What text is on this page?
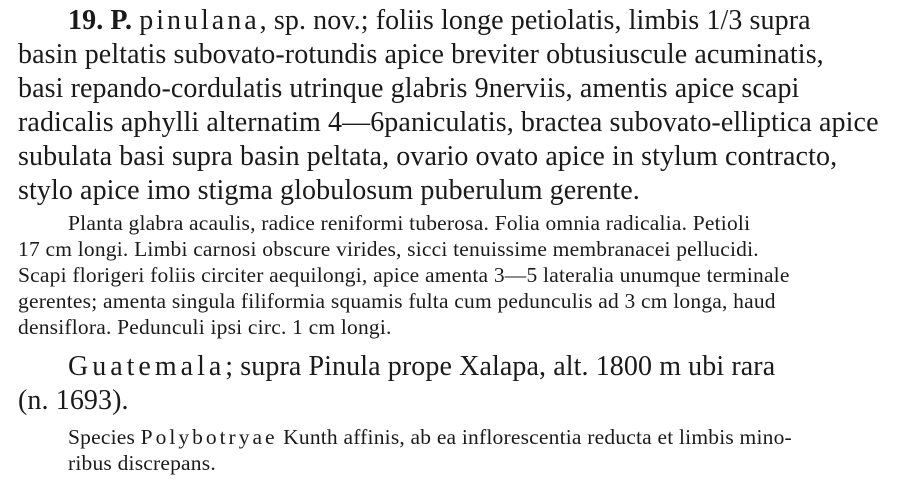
19. P. pinulana, sp. nov.; foliis longe petiolatis, limbis 1/3 supra
basin peltatis subovato-rotundis apice breviter obtusiuscule acuminatis,
basi repando-cordulatis utrinque glabris 9nerviis, amentis apice scapi
radicalis aphylli alternatim 4—6paniculatis, bractea subovato-elliptica apice
subulata basi supra basin peltata, ovario ovato apice in stylum contracto,
stylo apice imo stigma globulosum puberulum gerente.
Planta glabra acaulis, radice reniformi tuberosa. Folia omnia radicalia. Petioli
17 cm longi. Limbi carnosi obscure virides, sicci tenuissime membranacei pellucidi.
Scapi florigeri foliis circiter aequilongi, apice amenta 3—5 lateralia unumque terminale
gerentes; amenta singula filiformia squamis fulta cum pedunculis ad 3 cm longa, haud
densiflora. Pedunculi ipsi circ. 1 cm longi.
Guatemala; supra Pinula prope Xalapa, alt. 1800 m ubi rara
(n. 1693).
Species Polybotryae Kunth affinis, ab ea inflorescentia reducta et limbis mino-
ribus discrepans.
